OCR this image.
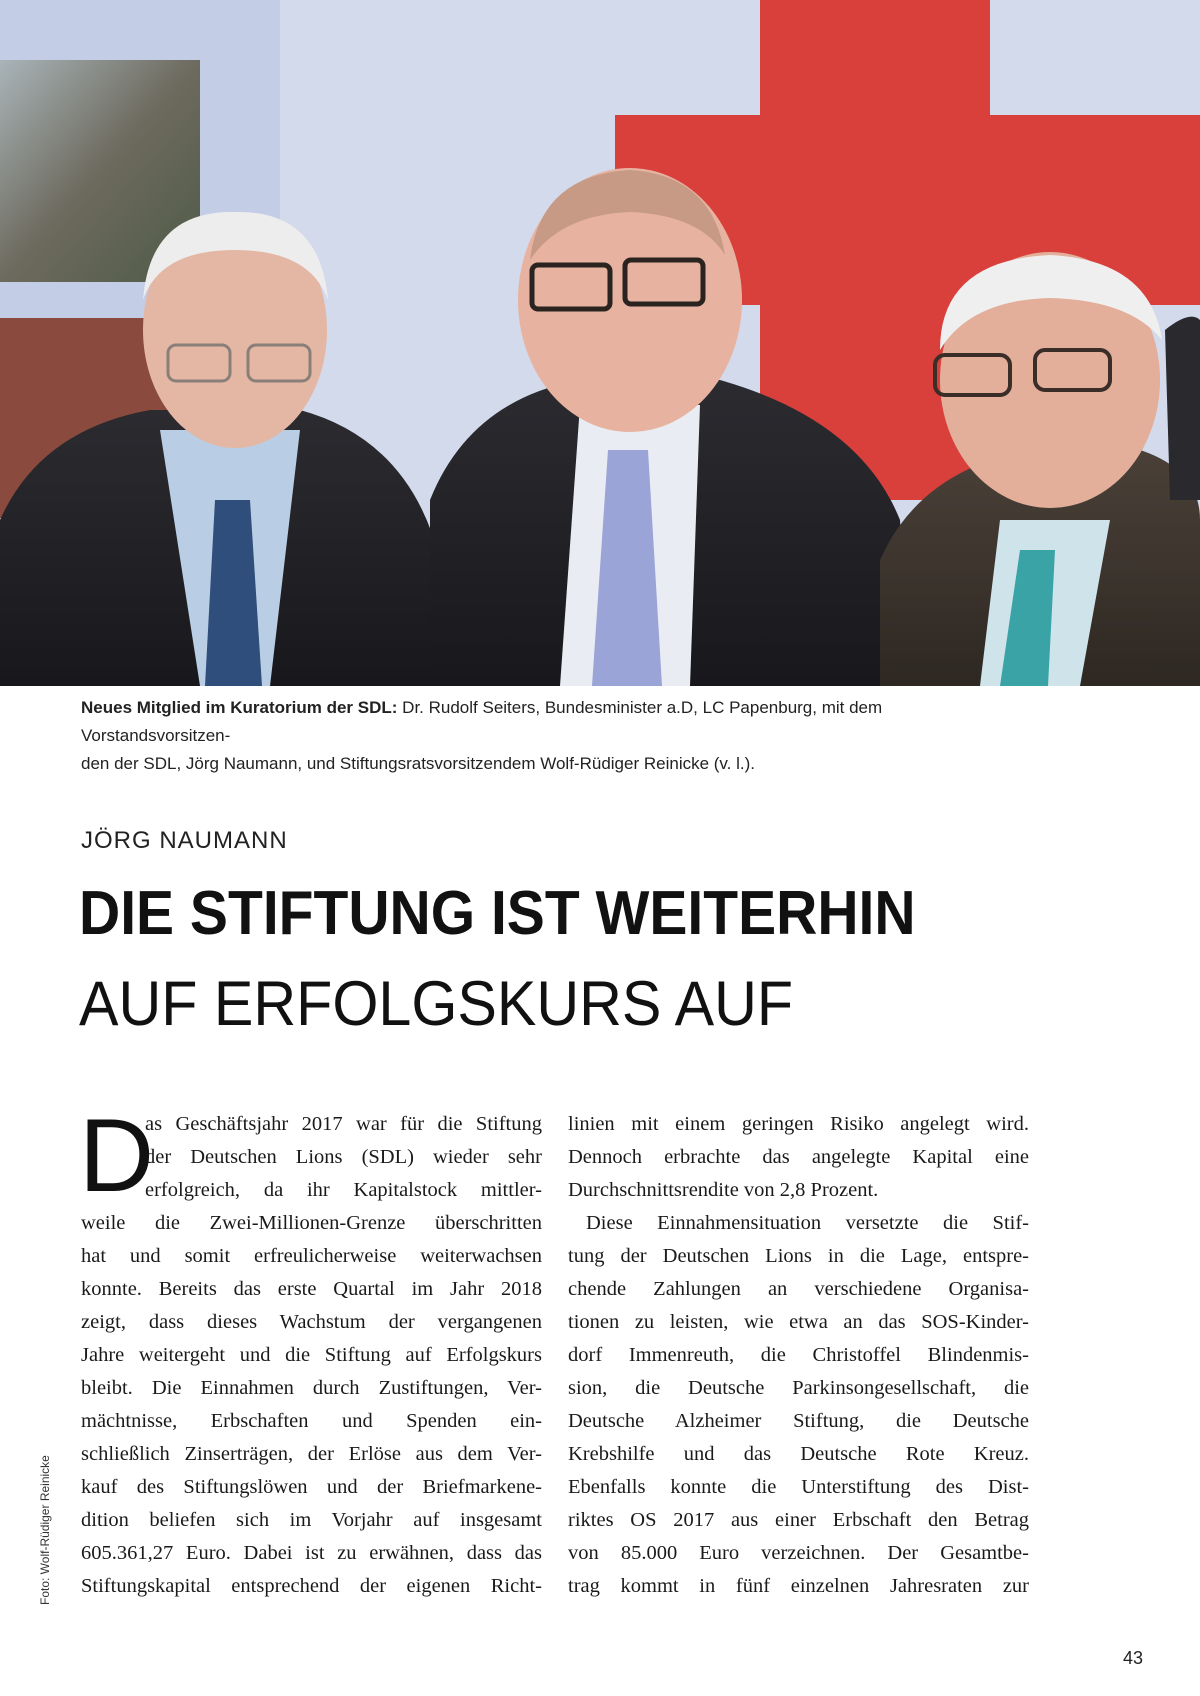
Neues Mitglied im Kuratorium der SDL: Dr. Rudolf Seiters, Bundesminister a.D, LC Papenburg, mit dem Vorstandsvorsitzen-
den der SDL, Jörg Naumann, und Stiftungsratsvorsitzendem Wolf-Rüdiger Reinicke (v. l.).
JÖRG NAUMANN
DIE STIFTUNG IST WEITERHIN
AUF ERFOLGSKURS AUF
D
as Geschäftsjahr 2017 war für die Stiftung
der Deutschen Lions (SDL) wieder sehr
erfolgreich, da ihr Kapitalstock mittler-
weile die Zwei-Millionen-Grenze überschritten
hat und somit erfreulicherweise weiterwachsen
konnte. Bereits das erste Quartal im Jahr 2018
zeigt, dass dieses Wachstum der vergangenen
Jahre weitergeht und die Stiftung auf Erfolgskurs
bleibt. Die Einnahmen durch Zustiftungen, Ver-
mächtnisse, Erbschaften und Spenden ein-
schließlich Zinserträgen, der Erlöse aus dem Ver-
kauf des Stiftungslöwen und der Briefmarkene-
dition beliefen sich im Vorjahr auf insgesamt
605.361,27 Euro. Dabei ist zu erwähnen, dass das
Stiftungskapital entsprechend der eigenen Richt-
linien mit einem geringen Risiko angelegt wird.
Dennoch erbrachte das angelegte Kapital eine
Durchschnittsrendite von 2,8 Prozent.
Diese Einnahmensituation versetzte die Stif-
tung der Deutschen Lions in die Lage, entspre-
chende Zahlungen an verschiedene Organisa-
tionen zu leisten, wie etwa an das SOS-Kinder-
dorf Immenreuth, die Christoffel Blindenmis-
sion, die Deutsche Parkinsongesellschaft, die
Deutsche Alzheimer Stiftung, die Deutsche
Krebshilfe und das Deutsche Rote Kreuz.
Ebenfalls konnte die Unterstiftung des Dist-
riktes OS 2017 aus einer Erbschaft den Betrag
von 85.000 Euro verzeichnen. Der Gesamtbe-
trag kommt in fünf einzelnen Jahresraten zur
Foto: Wolf-Rüdiger Reinicke
43
